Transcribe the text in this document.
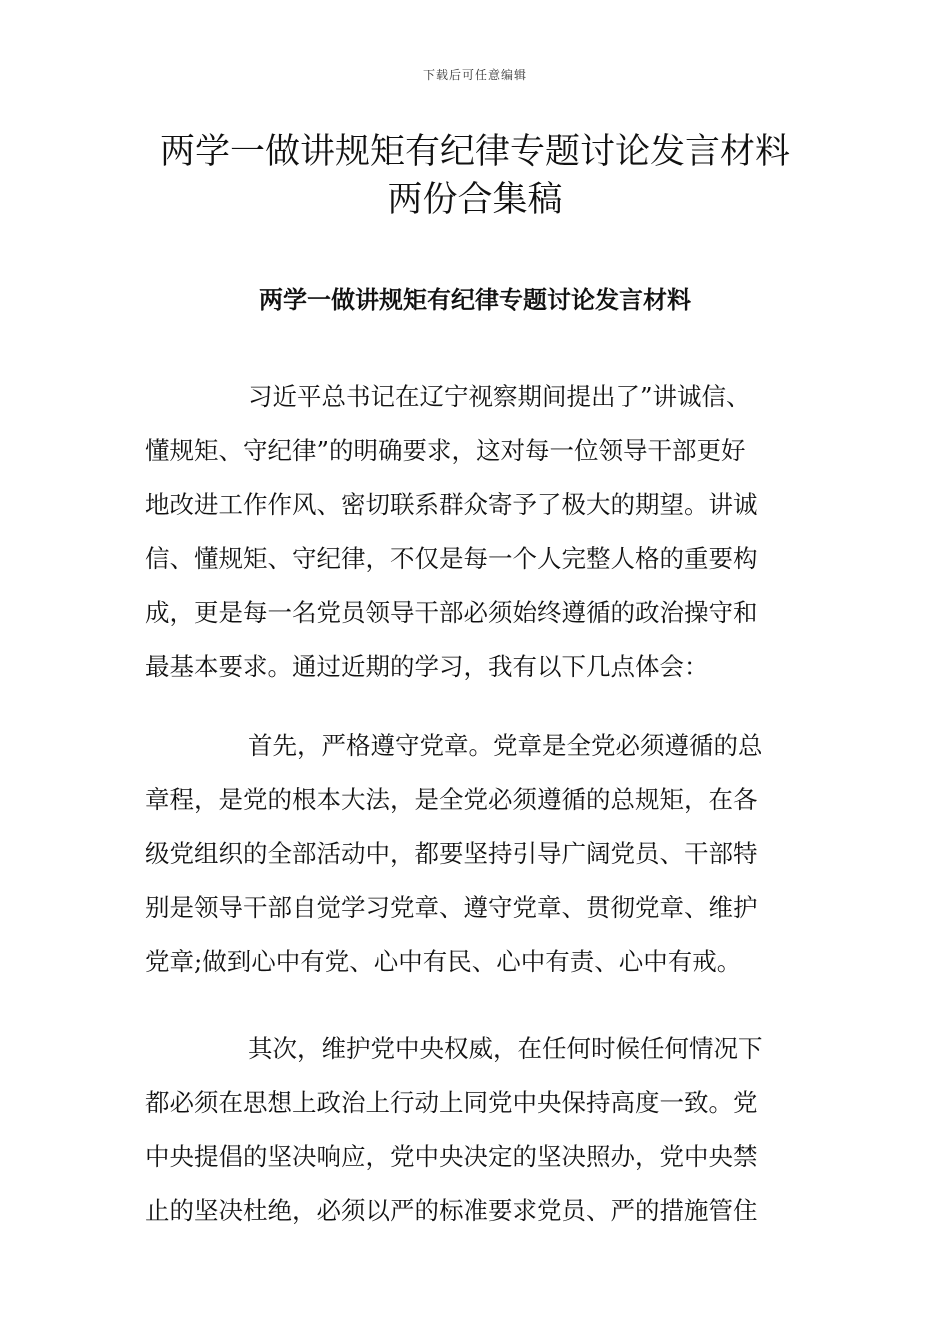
下载后可任意编辑
两学一做讲规矩有纪律专题讨论发言材料
两份合集稿
两学一做讲规矩有纪律专题讨论发言材料

习近平总书记在辽宁视察期间提出了”讲诚信、
懂规矩、守纪律”的明确要求，这对每一位领导干部更好
地改进工作作风、密切联系群众寄予了极大的期望。讲诚
信、懂规矩、守纪律，不仅是每一个人完整人格的重要构
成，更是每一名党员领导干部必须始终遵循的政治操守和
最基本要求。通过近期的学习，我有以下几点体会：

首先，严格遵守党章。党章是全党必须遵循的总
章程，是党的根本大法，是全党必须遵循的总规矩，在各
级党组织的全部活动中，都要坚持引导广阔党员、干部特
别是领导干部自觉学习党章、遵守党章、贯彻党章、维护
党章;做到心中有党、心中有民、心中有责、心中有戒。

其次，维护党中央权威，在任何时候任何情况下
都必须在思想上政治上行动上同党中央保持高度一致。党
中央提倡的坚决响应，党中央决定的坚决照办，党中央禁
止的坚决杜绝，必须以严的标准要求党员、严的措施管住
